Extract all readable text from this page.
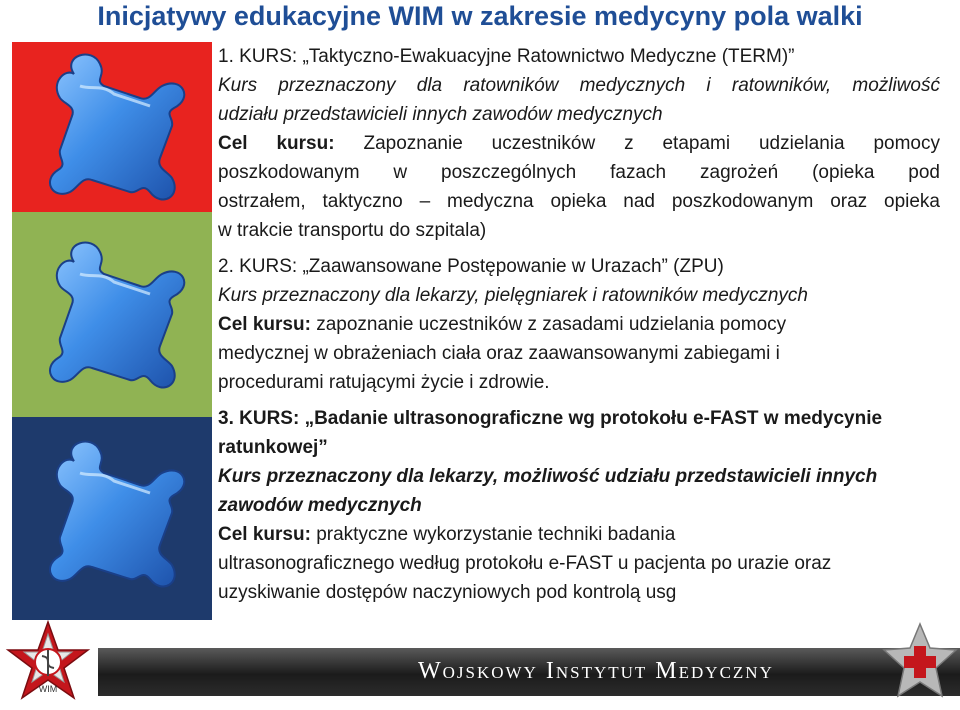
Inicjatywy edukacyjne WIM w zakresie medycyny pola walki

1. KURS: „Taktyczno-Ewakuacyjne Ratownictwo Medyczne (TERM)”

Kurs przeznaczony dla ratowników medycznych i ratowników, możliwość

udziału przedstawicieli innych zawodów medycznych

Cel kursu: Zapoznanie uczestników z etapami udzielania pomocy

poszkodowanym w poszczególnych fazach zagrożeń (opieka pod

ostrzałem, taktyczno – medyczna opieka nad poszkodowanym oraz opieka

w trakcie transportu do szpitala)

2. KURS: „Zaawansowane Postępowanie w Urazach” (ZPU)

Kurs przeznaczony dla lekarzy, pielęgniarek i ratowników medycznych

Cel kursu: zapoznanie uczestników z zasadami udzielania pomocy

medycznej w obrażeniach ciała oraz zaawansowanymi zabiegami i

procedurami ratującymi życie i zdrowie.

3. KURS: „Badanie ultrasonograficzne wg protokołu e-FAST w medycynie

ratunkowej”

Kurs przeznaczony dla lekarzy, możliwość udziału przedstawicieli innych

zawodów medycznych

Cel kursu: praktyczne wykorzystanie techniki badania

ultrasonograficznego według protokołu e-FAST u pacjenta po urazie oraz

uzyskiwanie dostępów naczyniowych pod kontrolą usg

WIM
Wojskowy Instytut Medyczny
